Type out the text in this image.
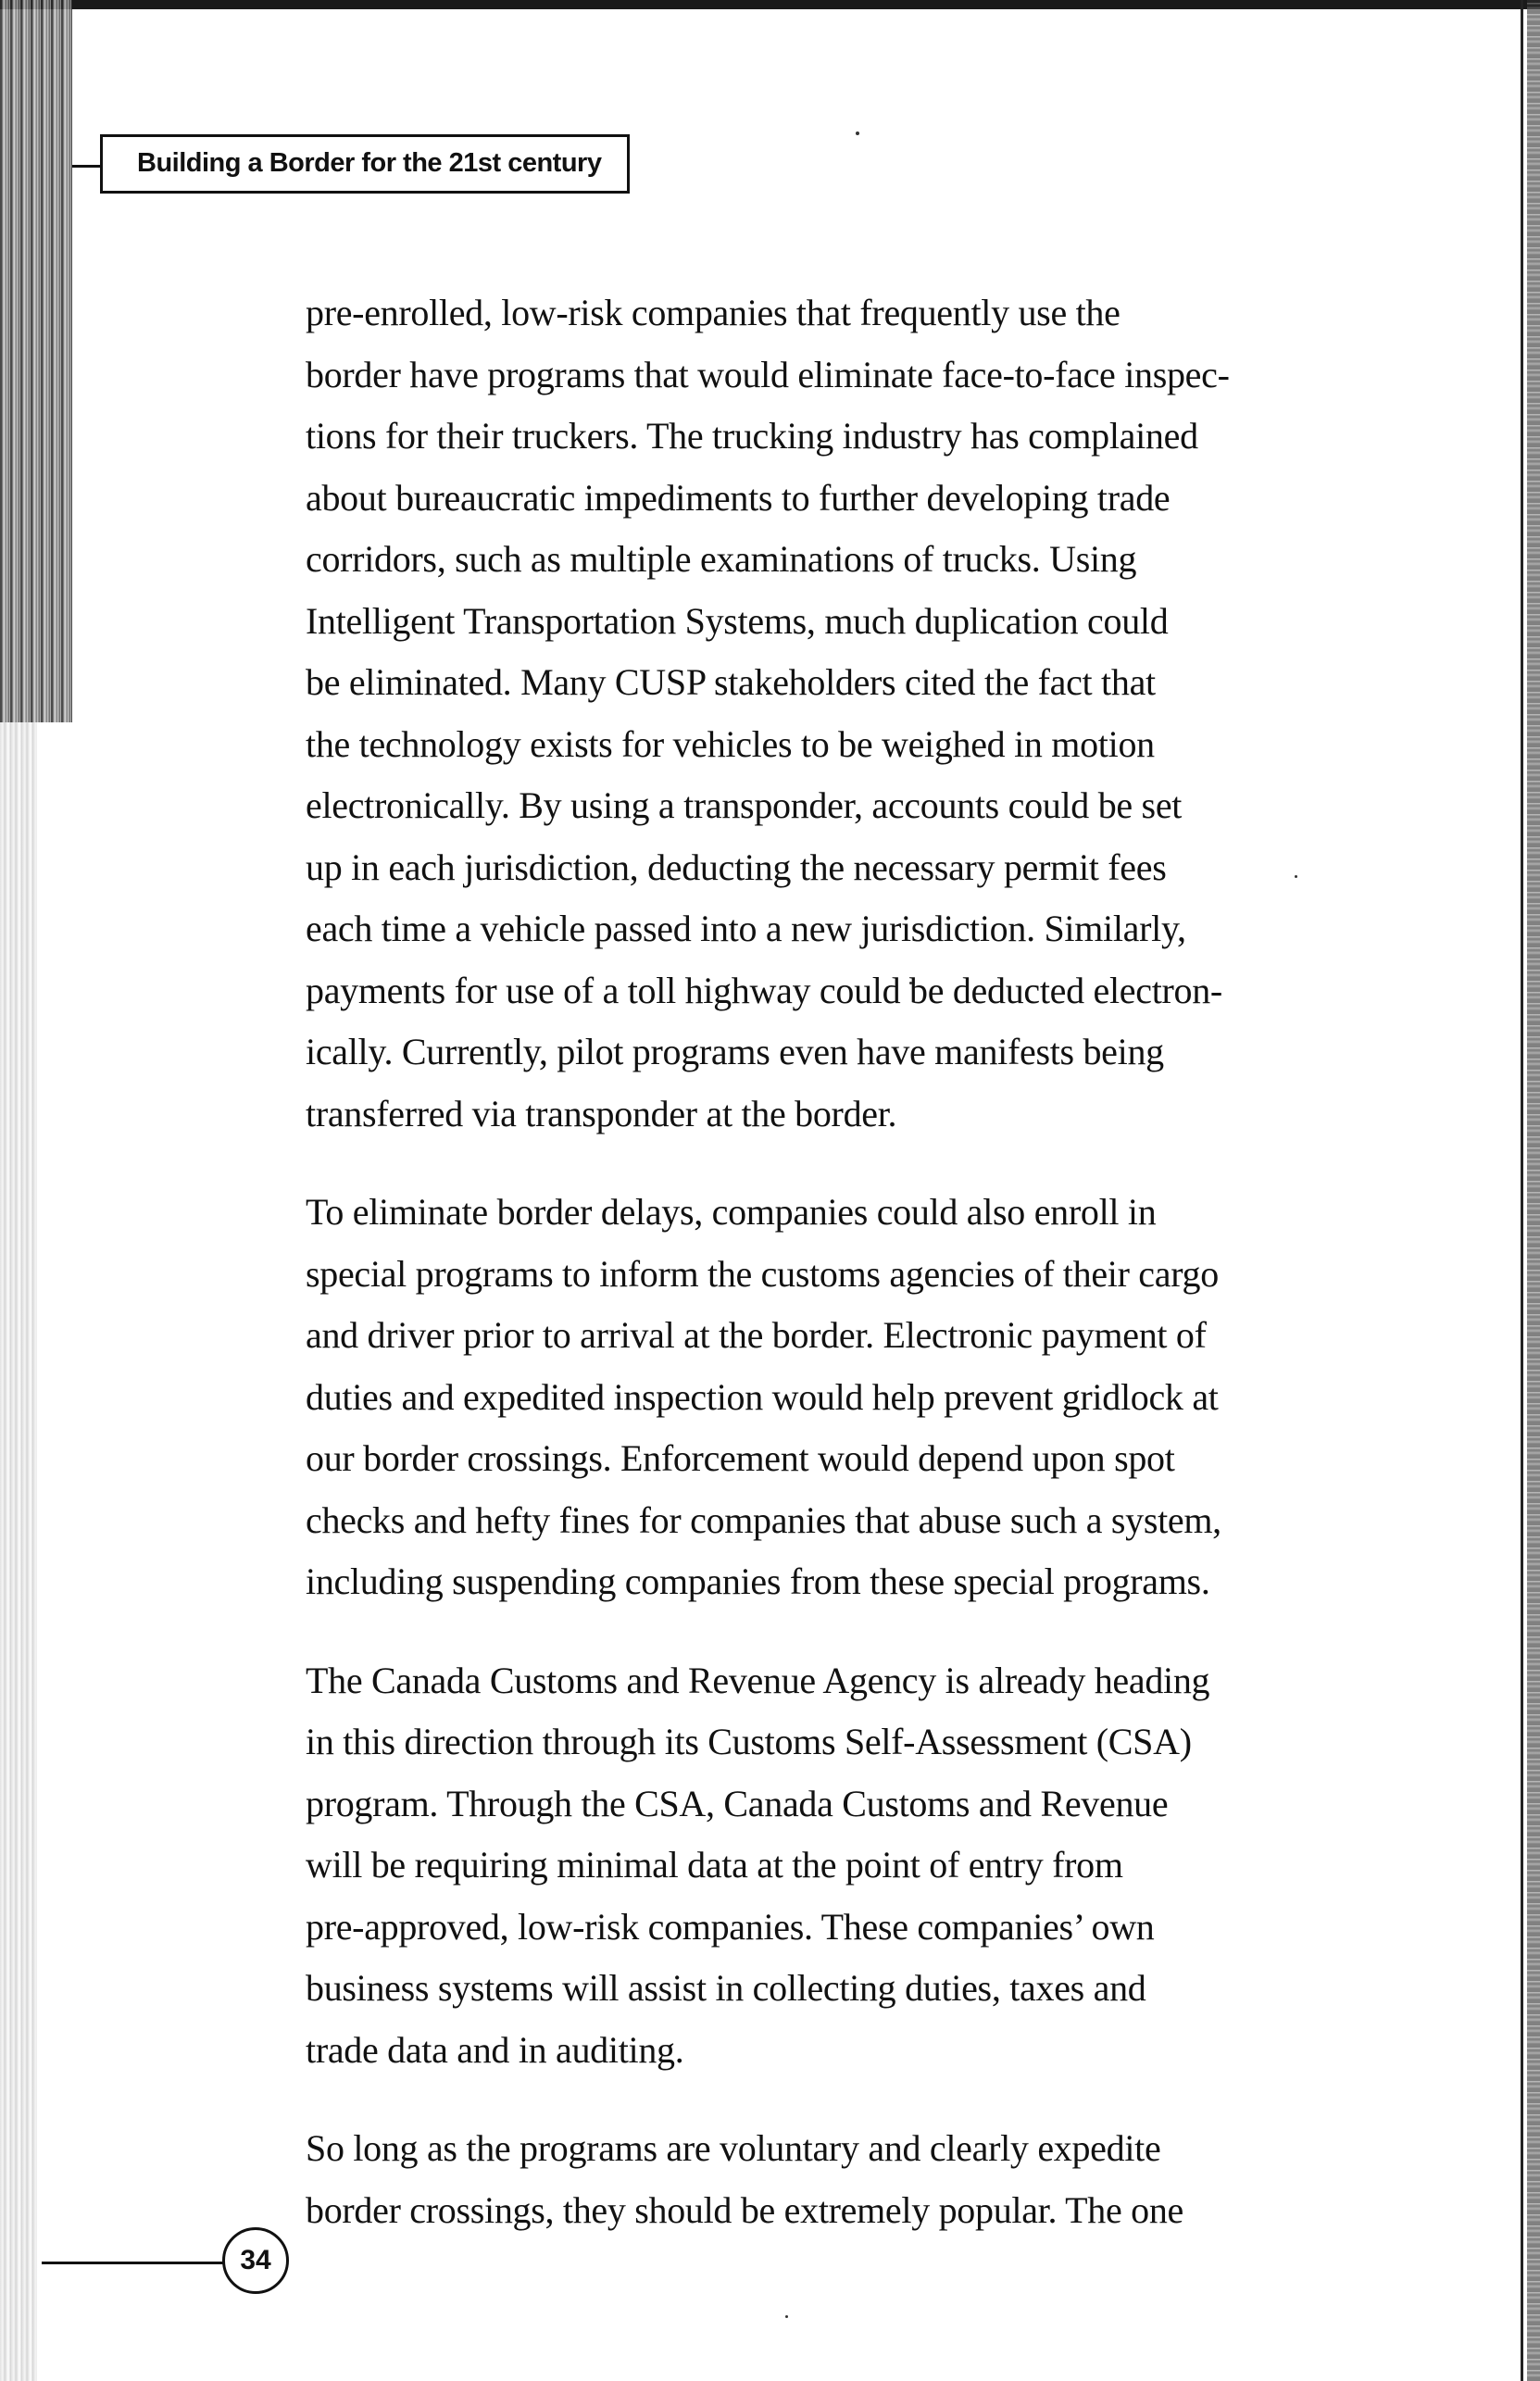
Building a Border for the 21st century

pre-enrolled, low-risk companies that frequently use the
border have programs that would eliminate face-to-face inspec-
tions for their truckers. The trucking industry has complained
about bureaucratic impediments to further developing trade
corridors, such as multiple examinations of trucks. Using
Intelligent Transportation Systems, much duplication could
be eliminated. Many CUSP stakeholders cited the fact that
the technology exists for vehicles to be weighed in motion
electronically. By using a transponder, accounts could be set
up in each jurisdiction, deducting the necessary permit fees
each time a vehicle passed into a new jurisdiction. Similarly,
payments for use of a toll highway could be deducted electron-
ically. Currently, pilot programs even have manifests being
transferred via transponder at the border.

To eliminate border delays, companies could also enroll in
special programs to inform the customs agencies of their cargo
and driver prior to arrival at the border. Electronic payment of
duties and expedited inspection would help prevent gridlock at
our border crossings. Enforcement would depend upon spot
checks and hefty fines for companies that abuse such a system,
including suspending companies from these special programs.

The Canada Customs and Revenue Agency is already heading
in this direction through its Customs Self-Assessment (CSA)
program. Through the CSA, Canada Customs and Revenue
will be requiring minimal data at the point of entry from
pre-approved, low-risk companies. These companies’ own
business systems will assist in collecting duties, taxes and
trade data and in auditing.

So long as the programs are voluntary and clearly expedite
border crossings, they should be extremely popular. The one

34
